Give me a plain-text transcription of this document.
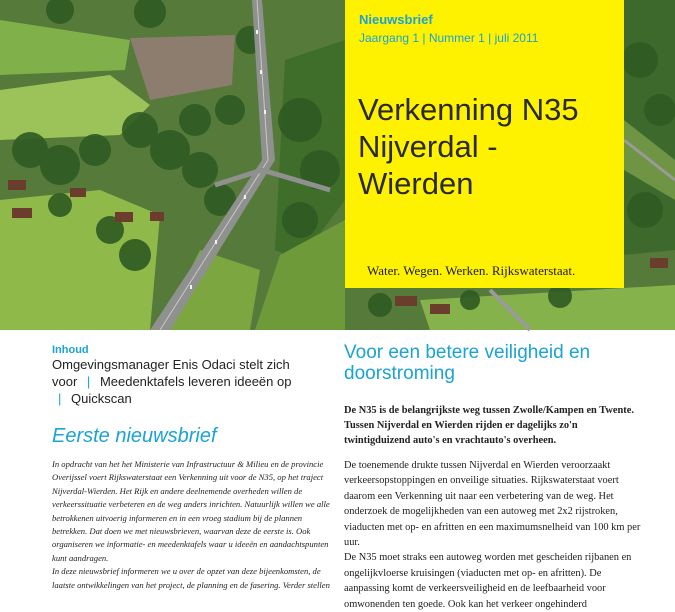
Nieuwsbrief
Jaargang 1 | Nummer 1 | juli 2011
Verkenning N35
Nijverdal - Wierden
Water. Wegen. Werken. Rijkswaterstaat.
Inhoud
Omgevingsmanager Enis Odaci stelt zich voor | Meedenktafels leveren ideeën op | Quickscan
Eerste nieuwsbrief

In opdracht van het het Ministerie van Infrastructuur & Milieu en de provincie Overijssel voert Rijkswaterstaat een Verkenning uit voor de N35, op het traject Nijverdal-Wierden. Het Rijk en andere deelnemende overheden willen de verkeerssituatie verbeteren en de weg anders inrichten. Natuurlijk willen we alle betrokkenen uitvoerig informeren en in een vroeg stadium bij de plannen betrekken. Dat doen we met nieuwsbrieven, waarvan deze de eerste is. Ook organiseren we informatie- en meedenktafels waar u ideeën en aandachtspunten kunt aandragen.

In deze nieuwsbrief informeren we u over de opzet van deze bijeenkomsten, de laatste ontwikkelingen van het project, de planning en de fasering. Verder stellen

Voor een betere veiligheid en doorstroming
De N35 is de belangrijkste weg tussen Zwolle/Kampen en Twente. Tussen Nijverdal en Wierden rijden er dagelijks zo'n twintigduizend auto's en vrachtauto's overheen.

De toenemende drukte tussen Nijverdal en Wierden veroorzaakt verkeersopstoppingen en onveilige situaties. Rijkswaterstaat voert daarom een Verkenning uit naar een verbetering van de weg. Het onderzoek de mogelijkheden van een autoweg met 2x2 rijstroken, viaducten met op- en afritten en een maximumsnelheid van 100 km per uur.

De N35 moet straks een autoweg worden met gescheiden rijbanen en ongelijkvloerse kruisingen (viaducten met op- en afritten). De aanpassing komt de verkeersveiligheid en de leefbaarheid voor omwonenden ten goede. Ook kan het verkeer ongehinderd
